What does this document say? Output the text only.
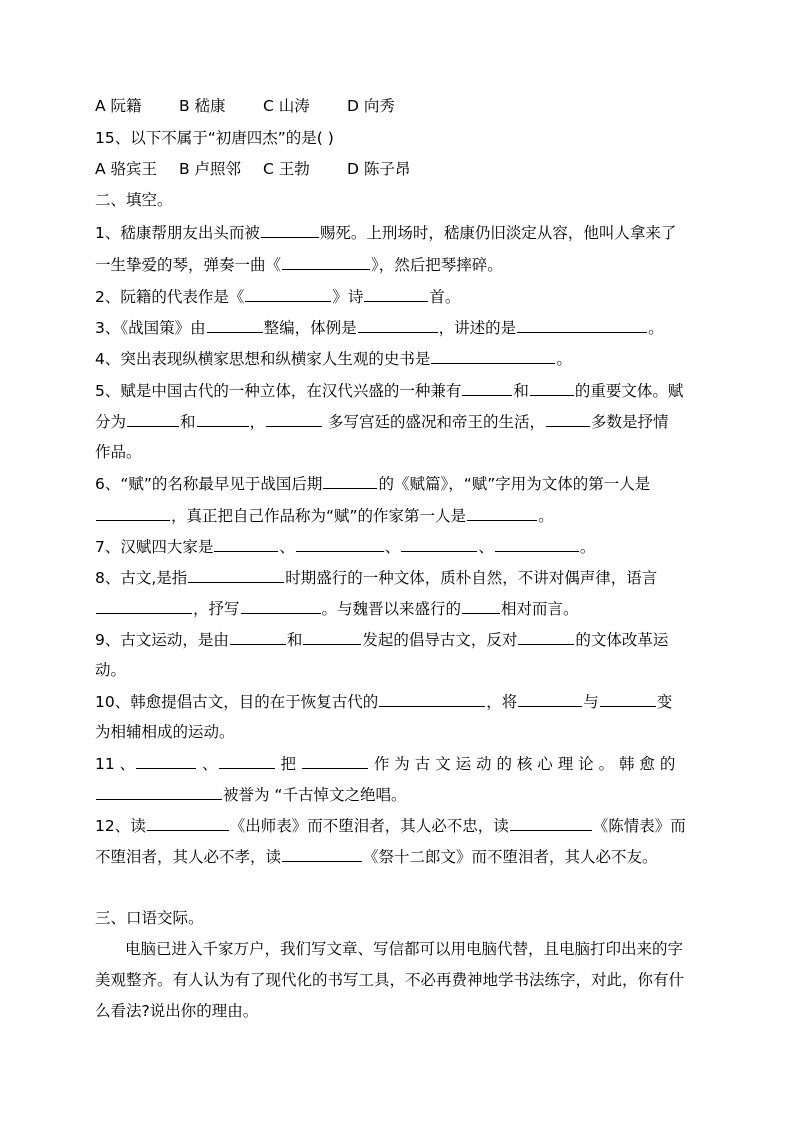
A 阮籍 B 嵇康 C 山涛 D 向秀
15、以下不属于“初唐四杰”的是( )
A 骆宾王 B 卢照邻 C 王勃 D 陈子昂
二、填空。
1、嵇康帮朋友出头而被	赐死。上刑场时，嵇康仍旧淡定从容，他叫人拿来了
一生挚爱的琴，弹奏一曲《	》，然后把琴摔碎。
2、阮籍的代表作是《	》诗	首。
3、《战国策》由	整编，体例是	，讲述的是	。
4、突出表现纵横家思想和纵横家人生观的史书是	。
5、赋是中国古代的一种立体，在汉代兴盛的一种兼有	和	的重要文体。赋
分为	和	，	多写宫廷的盛况和帝王的生活，	多数是抒情
作品。
6、“赋”的名称最早见于战国后期	的《赋篇》，“赋”字用为文体的第一人是
，真正把自己作品称为“赋”的作家第一人是	。
7、汉赋四大家是	、	、	、	。
8、古文,是指	时期盛行的一种文体，质朴自然，不讲对偶声律，语言
，抒写	。与魏晋以来盛行的	相对而言。
9、古文运动，是由	和	发起的倡导古文，反对	的文体改革运
动。
10、韩愈提倡古文，目的在于恢复古代的	，将	与	变
为相辅相成的运动。
11 、	、	把	作 为 古 文 运 动 的 核 心 理 论 。 韩 愈 的
被誉为 “千古悼文之绝唱。
12、读	《出师表》而不堕泪者，其人必不忠，读	《陈情表》而
不堕泪者，其人必不孝，读	《祭十二郎文》而不堕泪者，其人必不友。
三、口语交际。
电脑已进入千家万户，我们写文章、写信都可以用电脑代替，且电脑打印出来的字
美观整齐。有人认为有了现代化的书写工具，不必再费神地学书法练字，对此，你有什
么看法?说出你的理由。
